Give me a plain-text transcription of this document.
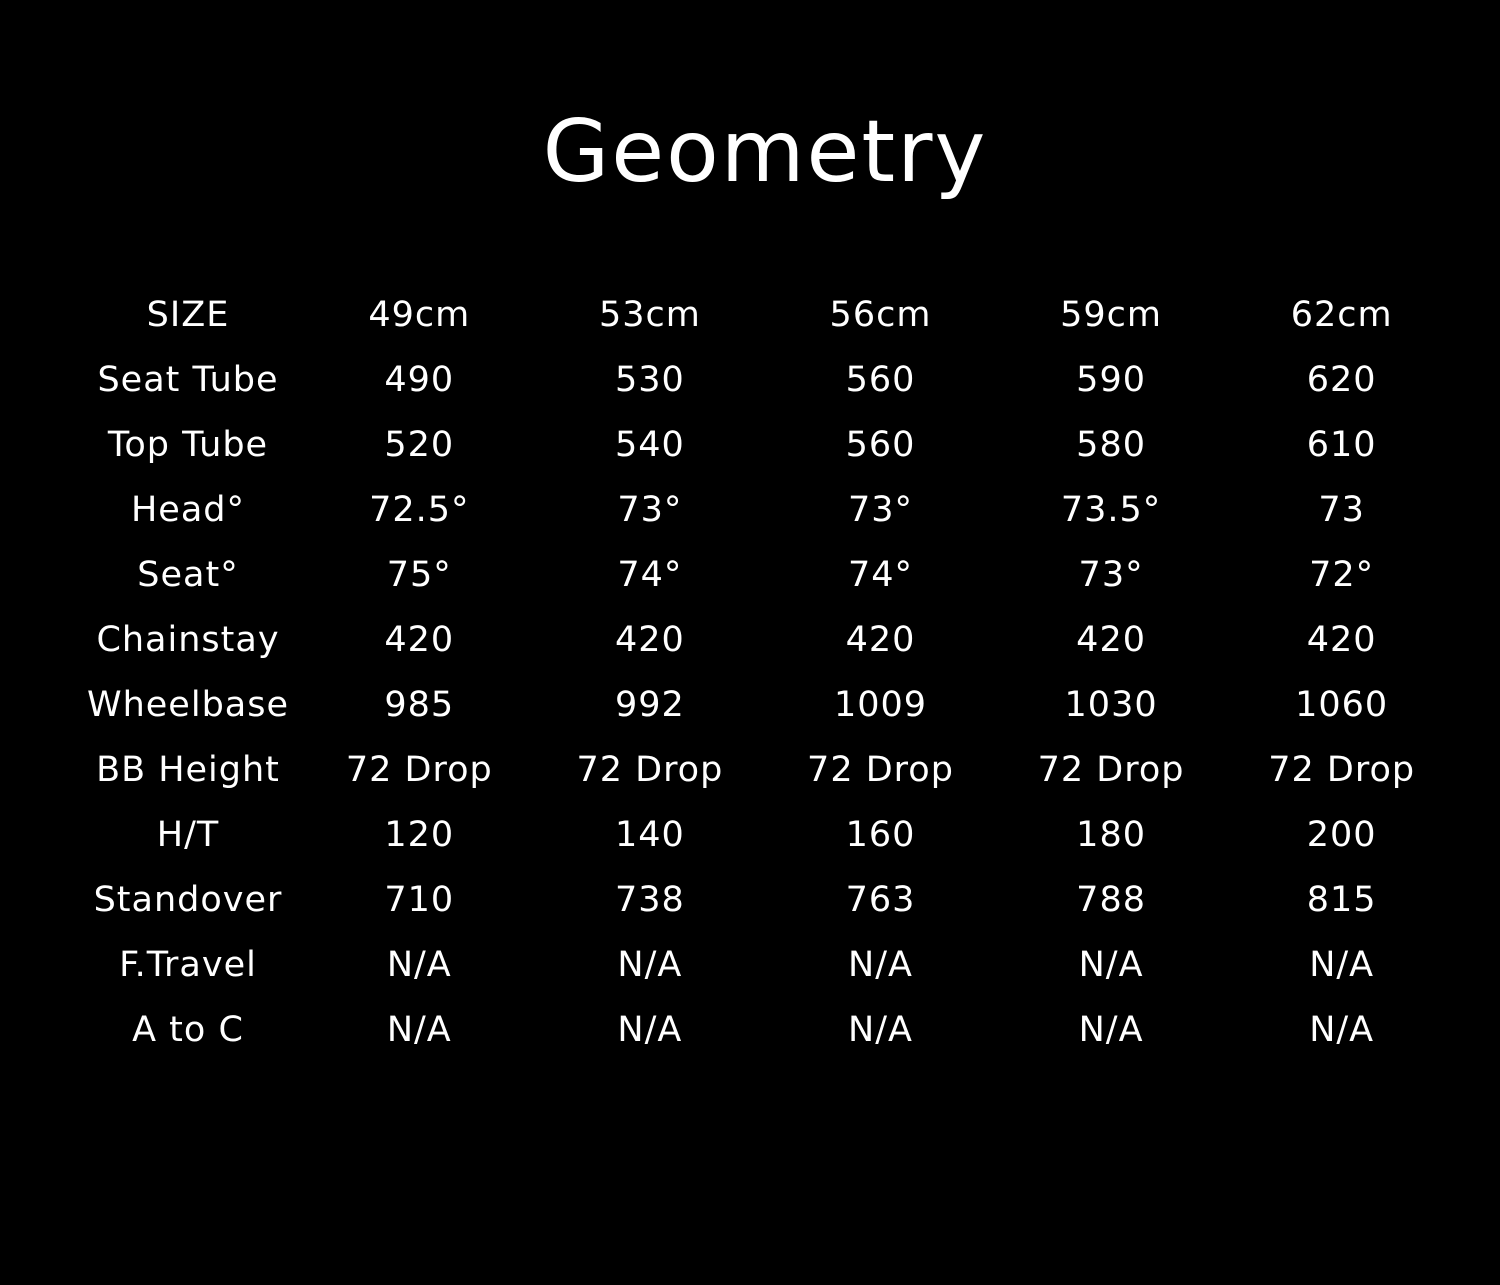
Geometry
SIZE	49cm	53cm	56cm	59cm	62cm
Seat Tube	490	530	560	590	620
Top Tube	520	540	560	580	610
Head°	72.5°	73°	73°	73.5°	73
Seat°	75°	74°	74°	73°	72°
Chainstay	420	420	420	420	420
Wheelbase	985	992	1009	1030	1060
BB Height	72 Drop	72 Drop	72 Drop	72 Drop	72 Drop
H/T	120	140	160	180	200
Standover	710	738	763	788	815
F.Travel	N/A	N/A	N/A	N/A	N/A
A to C	N/A	N/A	N/A	N/A	N/A
